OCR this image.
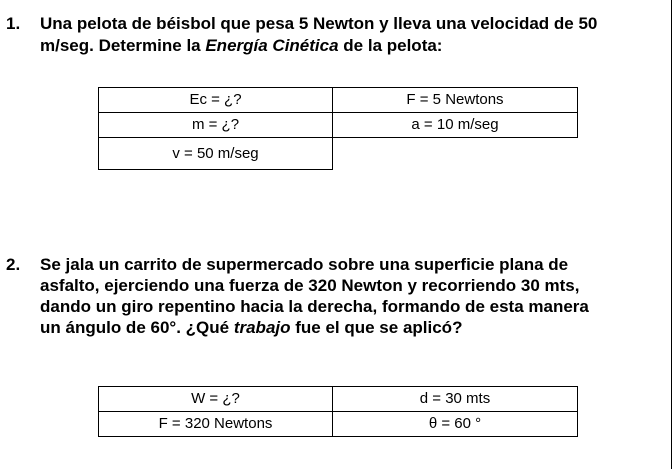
1. Una pelota de béisbol que pesa 5 Newton y lleva una velocidad de 50
m/seg. Determine la Energía Cinética de la pelota:
Ec = ¿?	F = 5 Newtons
m = ¿?	a = 10 m/seg
v = 50 m/seg	
2. Se jala un carrito de supermercado sobre una superficie plana de
asfalto, ejerciendo una fuerza de 320 Newton y recorriendo 30 mts,
dando un giro repentino hacia la derecha, formando de esta manera
un ángulo de 60°. ¿Qué trabajo fue el que se aplicó?
W = ¿?	d = 30 mts
F = 320 Newtons	θ = 60 °
